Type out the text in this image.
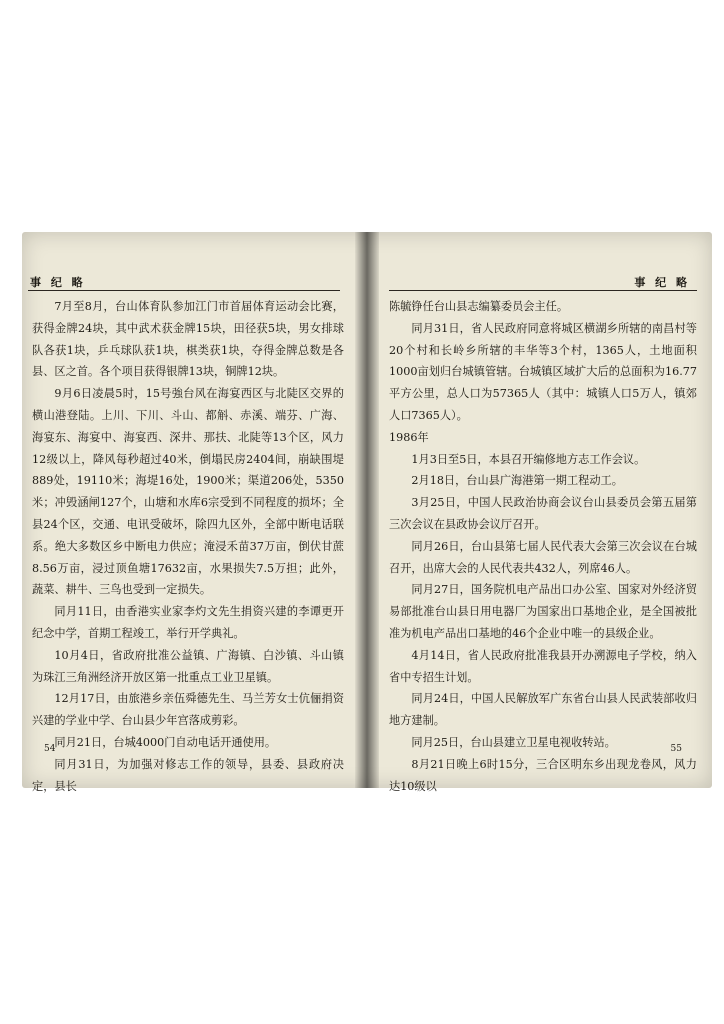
事 纪 略

7月至8月，台山体育队参加江门市首届体育运动会比赛，获得金牌24块，其中武术获金牌15块，田径获5块，男女排球队各获1块，乒乓球队获1块，棋类获1块，夺得金牌总数是各县、区之首。各个项目获得银牌13块，铜牌12块。

9月6日凌晨5时，15号強台风在海宴西区与北陡区交界的横山港登陆。上川、下川、斗山、都斛、赤溪、端芬、广海、海宴东、海宴中、海宴西、深井、那扶、北陡等13个区，风力12级以上，降风每秒超过40米，倒塌民房2404间，崩缺围堤889处，19110米；海堤16处，1900米；渠道206处，5350米；冲毁涵闸127个，山塘和水库6宗受到不同程度的损坏；全县24个区，交通、电讯受破坏，除四九区外，全部中断电话联系。绝大多数区乡中断电力供应；淹浸禾苗37万亩，倒伏甘蔗8.56万亩，浸过顶鱼塘17632亩，水果损失7.5万担；此外，蔬菜、耕牛、三鸟也受到一定损失。

同月11日，由香港实业家李灼文先生捐资兴建的李谭更开纪念中学，首期工程竣工，举行开学典礼。

10月4日，省政府批准公益镇、广海镇、白沙镇、斗山镇为珠江三角洲经济开放区第一批重点工业卫星镇。

12月17日，由旅港乡亲伍舜德先生、马兰芳女士伉俪捐资兴建的学业中学、台山县少年宫落成剪彩。

同月21日，台城4000门自动电话开通使用。

同月31日，为加强对修志工作的领导，县委、县政府决定，县长

54
事 纪 略

陈毓铮任台山县志编纂委员会主任。

同月31日，省人民政府同意将城区横湖乡所辖的南昌村等20个村和长岭乡所辖的丰华等3个村，1365人，土地面积1000亩划归台城镇管辖。台城镇区域扩大后的总面积为16.77平方公里，总人口为57365人（其中：城镇人口5万人，镇郊人口7365人）。

1986年

1月3日至5日，本县召开编修地方志工作会议。

2月18日，台山县广海港第一期工程动工。

3月25日，中国人民政治协商会议台山县委员会第五届第三次会议在县政协会议厅召开。

同月26日，台山县第七届人民代表大会第三次会议在台城召开，出席大会的人民代表共432人，列席46人。

同月27日，国务院机电产品出口办公室、国家对外经济贸易部批准台山县日用电器厂为国家出口基地企业，是全国被批准为机电产品出口基地的46个企业中唯一的县级企业。

4月14日，省人民政府批准我县开办溯源电子学校，纳入省中专招生计划。

同月24日，中国人民解放军广东省台山县人民武装部收归地方建制。

同月25日，台山县建立卫星电视收转站。

8月21日晚上6时15分，三合区明东乡出现龙卷风，风力达10级以

55
